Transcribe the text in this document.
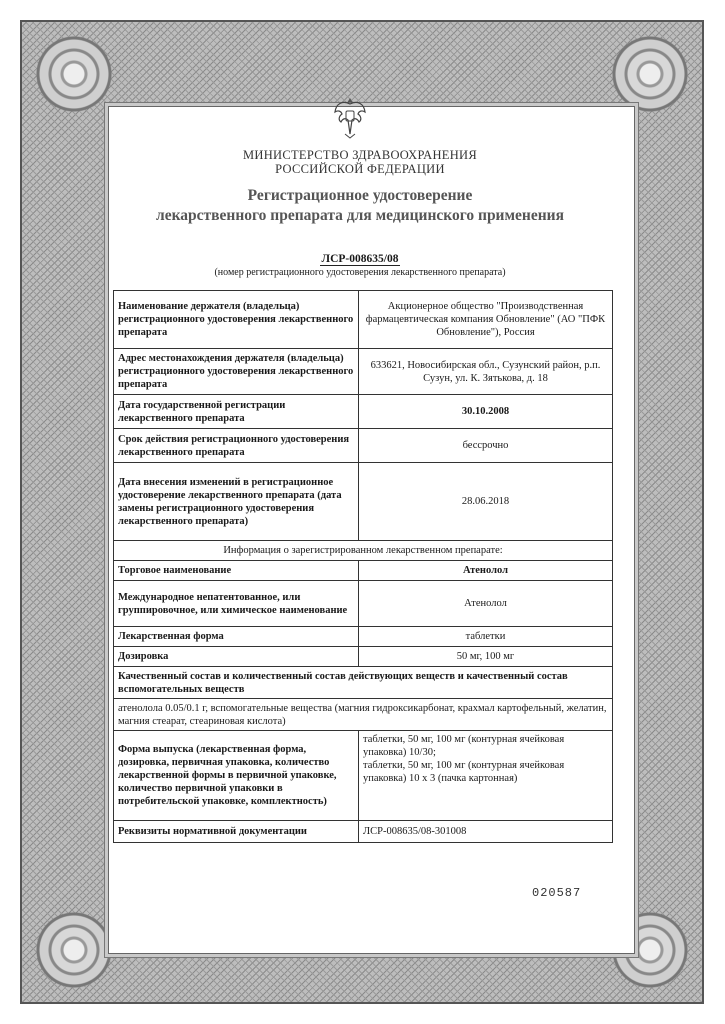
МИНИСТЕРСТВО ЗДРАВООХРАНЕНИЯ
РОССИЙСКОЙ ФЕДЕРАЦИИ
Регистрационное удостоверение
лекарственного препарата для медицинского применения
ЛСР-008635/08
(номер регистрационного удостоверения лекарственного препарата)
Наименование держателя (владельца) регистрационного удостоверения лекарственного препарата	Акционерное общество "Производственная фармацевтическая компания Обновление" (АО "ПФК Обновление"), Россия
Адрес местонахождения держателя (владельца) регистрационного удостоверения лекарственного препарата	633621, Новосибирская обл., Сузунский район, р.п. Сузун, ул. К. Зятькова, д. 18
Дата государственной регистрации лекарственного препарата	30.10.2008
Срок действия регистрационного удостоверения лекарственного препарата	бессрочно
Дата внесения изменений в регистрационное удостоверение лекарственного препарата (дата замены регистрационного удостоверения лекарственного препарата)	28.06.2018
Информация о зарегистрированном лекарственном препарате:	
Торговое наименование	Атенолол
Международное непатентованное, или группировочное, или химическое наименование	Атенолол
Лекарственная форма	таблетки
Дозировка	50 мг, 100 мг
Качественный состав и количественный состав действующих веществ и качественный состав вспомогательных веществ	
атенолола 0.05/0.1 г, вспомогательные вещества (магния гидроксикарбонат, крахмал картофельный, желатин, магния стеарат, стеариновая кислота)	
Форма выпуска (лекарственная форма, дозировка, первичная упаковка, количество лекарственной формы в первичной упаковке, количество первичной упаковки в потребительской упаковке, комплектность)	таблетки, 50 мг, 100 мг (контурная ячейковая упаковка) 10/30;
таблетки, 50 мг, 100 мг (контурная ячейковая упаковка) 10 х 3 (пачка картонная)

Реквизиты нормативной документации	ЛСР-008635/08-301008
020587
